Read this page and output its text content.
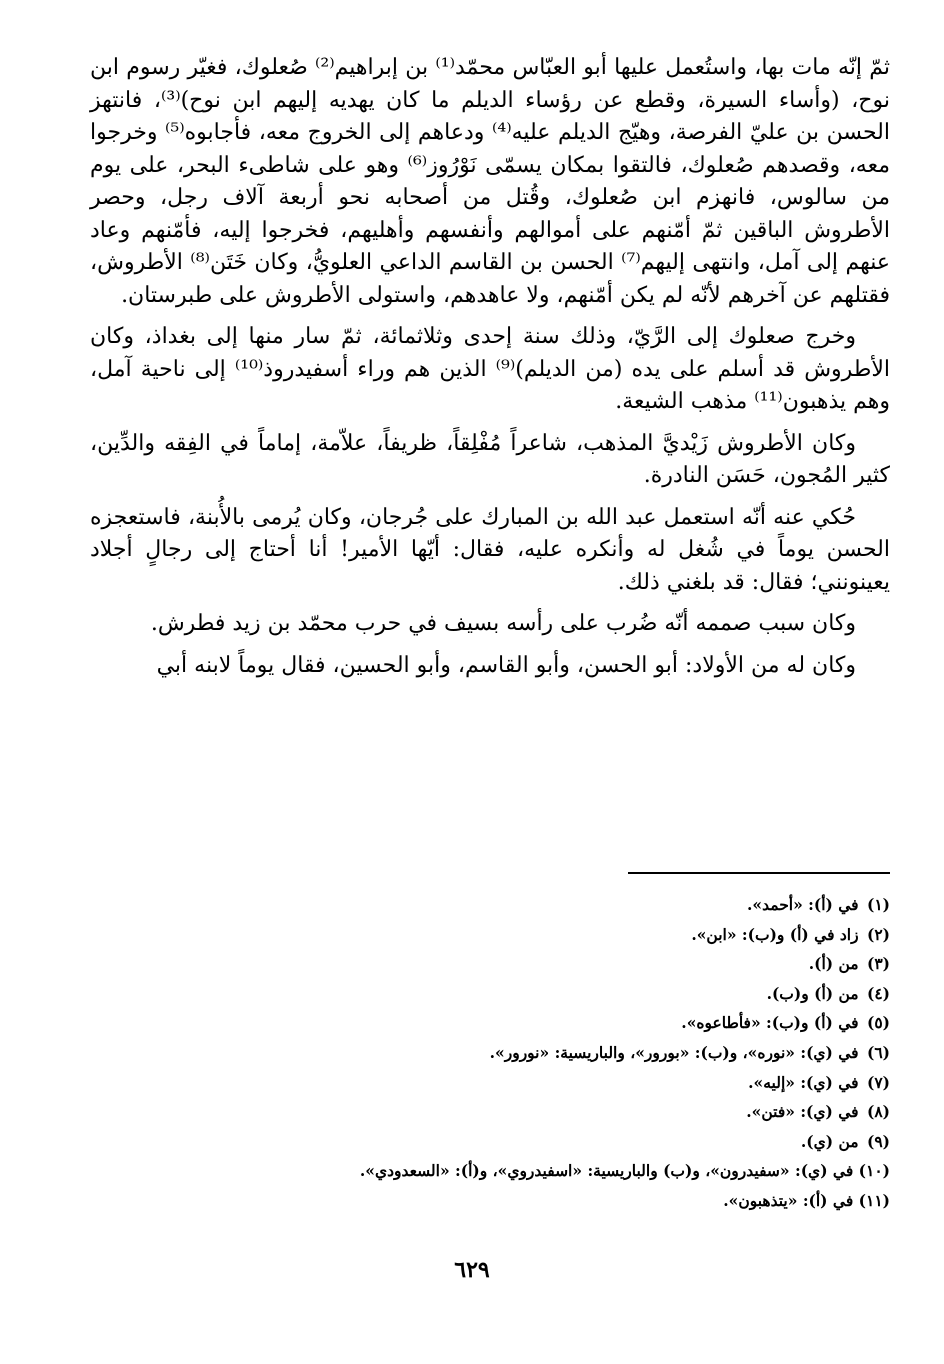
ثمّ إنّه مات بها، واستُعمل عليها أبو العبّاس محمّد⁽¹⁾ بن إبراهيم⁽²⁾ صُعلوك، فغيّر رسوم ابن نوح، (وأساء السيرة، وقطع عن رؤساء الديلم ما كان يهديه إليهم ابن نوح)⁽³⁾، فانتهز الحسن بن عليّ الفرصة، وهيّج الديلم عليه⁽⁴⁾ ودعاهم إلى الخروج معه، فأجابوه⁽⁵⁾ وخرجوا معه، وقصدهم صُعلوك، فالتقوا بمكان يسمّى نَوْرُوز⁽⁶⁾ وهو على شاطىء البحر، على يوم من سالوس، فانهزم ابن صُعلوك، وقُتل من أصحابه نحو أربعة آلاف رجل، وحصر الأطروش الباقين ثمّ أمّنهم على أموالهم وأنفسهم وأهليهم، فخرجوا إليه، فأمّنهم وعاد عنهم إلى آمل، وانتهى إليهم⁽⁷⁾ الحسن بن القاسم الداعي العلويُّ، وكان خَتَن⁽⁸⁾ الأطروش، فقتلهم عن آخرهم لأنّه لم يكن أمّنهم، ولا عاهدهم، واستولى الأطروش على طبرستان.

وخرج صعلوك إلى الرَّيّ، وذلك سنة إحدى وثلاثمائة، ثمّ سار منها إلى بغداذ، وكان الأطروش قد أسلم على يده (من الديلم)⁽⁹⁾ الذين هم وراء أسفيدروذ⁽¹⁰⁾ إلى ناحية آمل، وهم يذهبون⁽¹¹⁾ مذهب الشيعة.

وكان الأطروش زَيْديَّ المذهب، شاعراً مُفْلِقاً، ظريفاً، علاّمة، إماماً في الفِقه والدِّين، كثير المُجون، حَسَن النادرة.

حُكي عنه أنّه استعمل عبد الله بن المبارك على جُرجان، وكان يُرمى بالأُبنة، فاستعجزه الحسن يوماً في شُغل له وأنكره عليه، فقال: أيّها الأمير! أنا أحتاج إلى رجالٍ أجلاد يعينونني؛ فقال: قد بلغني ذلك.

وكان سبب صممه أنّه ضُرب على رأسه بسيف في حرب محمّد بن زيد فطرش.

وكان له من الأولاد: أبو الحسن، وأبو القاسم، وأبو الحسين، فقال يوماً لابنه أبي

(١) في (أ): «أحمد».
(٢) زاد في (أ) و(ب): «ابن».
(٣) من (أ).
(٤) من (أ) و(ب).
(٥) في (أ) و(ب): «فأطاعوه».
(٦) في (ي): «نوره»، و(ب): «بورور»، والباريسية: «نورور».
(٧) في (ي): «إليه».
(٨) في (ي): «فتن».
(٩) من (ي).
(١٠) في (ي): «سفيدرون»، و(ب) والباريسية: «اسفيدروي»، و(أ): «السعدودي».
(١١) في (أ): «يتذهبون».
٦٢٩
